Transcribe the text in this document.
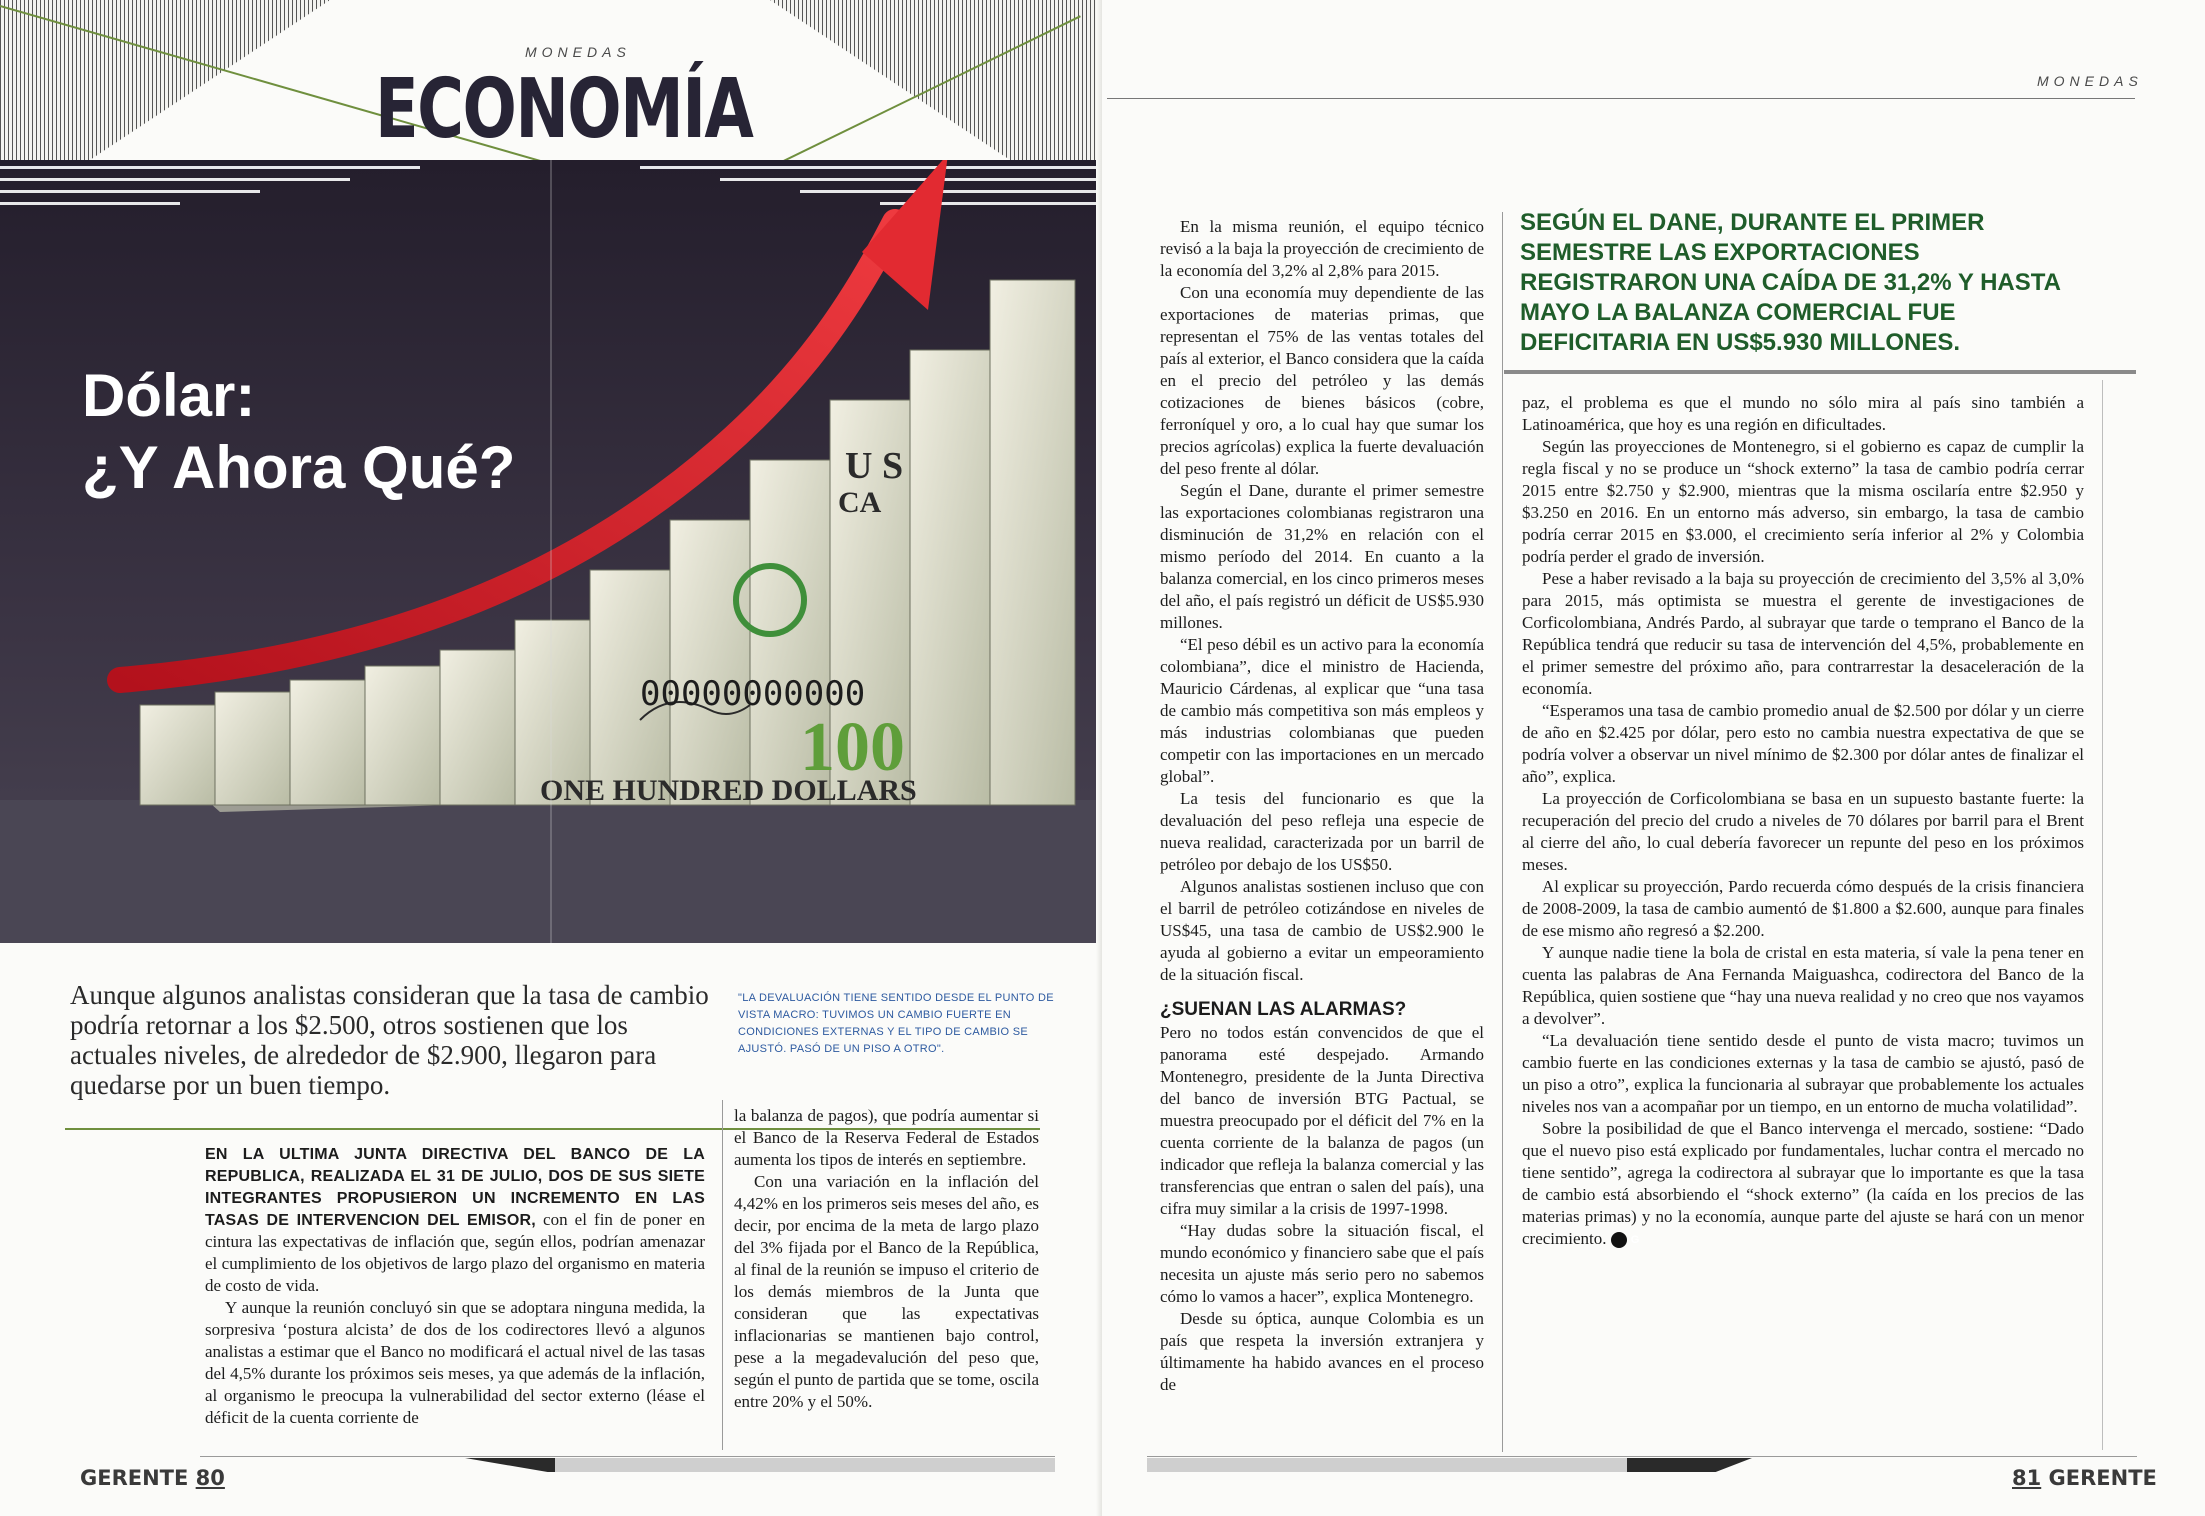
MONEDAS
ECONOMÍA
00000000000
100
ONE HUNDRED DOLLARS
U S
CA
Dólar:
¿Y Ahora Qué?
Aunque algunos analistas consideran que la tasa de cambio podría retornar a los $2.500, otros sostienen que los actuales niveles, de alrededor de $2.900, llegaron para quedarse por un buen tiempo.
"LA DEVALUACIÓN TIENE SENTIDO DESDE EL PUNTO DE VISTA MACRO: TUVIMOS UN CAMBIO FUERTE EN CONDICIONES EXTERNAS Y EL TIPO DE CAMBIO SE AJUSTÓ. PASÓ DE UN PISO A OTRO".

EN LA ULTIMA JUNTA DIRECTIVA DEL BANCO DE LA REPUBLICA, REALIZADA EL 31 DE JULIO, DOS DE SUS SIETE INTEGRANTES PROPUSIERON UN INCREMENTO EN LAS TASAS DE INTERVENCION DEL EMISOR, con el fin de poner en cintura las expectativas de inflación que, según ellos, podrían amenazar el cumplimiento de los objetivos de largo plazo del organismo en materia de costo de vida.

Y aunque la reunión concluyó sin que se adoptara ninguna medida, la sorpresiva ‘postura alcista’ de dos de los codirectores llevó a algunos analistas a estimar que el Banco no modificará el actual nivel de las tasas del 4,5% durante los próximos seis meses, ya que además de la inflación, al organismo le preocupa la vulnerabilidad del sector externo (léase el déficit de la cuenta corriente de

la balanza de pagos), que podría aumentar si el Banco de la Reserva Federal de Estados aumenta los tipos de interés en septiembre.

Con una variación en la inflación del 4,42% en los primeros seis meses del año, es decir, por encima de la meta de largo plazo del 3% fijada por el Banco de la República, al final de la reunión se impuso el criterio de los demás miembros de la Junta que consideran que las expectativas inflacionarias se mantienen bajo control, pese a la megadevalución del peso que, según el punto de partida que se tome, oscila entre 20% y el 50%.

GERENTE 80
MONEDAS

En la misma reunión, el equipo técnico revisó a la baja la proyección de crecimiento de la economía del 3,2% al 2,8% para 2015.

Con una economía muy dependiente de las exportaciones de materias primas, que representan el 75% de las ventas totales del país al exterior, el Banco considera que la caída en el precio del petróleo y las demás cotizaciones de bienes básicos (cobre, ferroníquel y oro, a lo cual hay que sumar los precios agrícolas) explica la fuerte devaluación del peso frente al dólar.

Según el Dane, durante el primer semestre las exportaciones colombianas registraron una disminución de 31,2% en relación con el mismo período del 2014. En cuanto a la balanza comercial, en los cinco primeros meses del año, el país registró un déficit de US$5.930 millones.

“El peso débil es un activo para la economía colombiana”, dice el ministro de Hacienda, Mauricio Cárdenas, al explicar que “una tasa de cambio más competitiva son más empleos y más industrias colombianas que pueden competir con las importaciones en un mercado global”.

La tesis del funcionario es que la devaluación del peso refleja una especie de nueva realidad, caracterizada por un barril de petróleo por debajo de los US$50.

Algunos analistas sostienen incluso que con el barril de petróleo cotizándose en niveles de US$45, una tasa de cambio de US$2.900 le ayuda al gobierno a evitar un empeoramiento de la situación fiscal.

¿SUENAN LAS ALARMAS?

Pero no todos están convencidos de que el panorama esté despejado. Armando Montenegro, presidente de la Junta Directiva del banco de inversión BTG Pactual, se muestra preocupado por el déficit del 7% en la cuenta corriente de la balanza de pagos (un indicador que refleja la balanza comercial y las transferencias que entran o salen del país), una cifra muy similar a la crisis de 1997-1998.

“Hay dudas sobre la situación fiscal, el mundo económico y financiero sabe que el país necesita un ajuste más serio pero no sabemos cómo lo vamos a hacer”, explica Montenegro.

Desde su óptica, aunque Colombia es un país que respeta la inversión extranjera y últimamente ha habido avances en el proceso de

SEGÚN EL DANE, DURANTE EL PRIMER SEMESTRE LAS EXPORTACIONES REGISTRARON UNA CAÍDA DE 31,2% Y HASTA MAYO LA BALANZA COMERCIAL FUE DEFICITARIA EN US$5.930 MILLONES.

paz, el problema es que el mundo no sólo mira al país sino también a Latinoamérica, que hoy es una región en dificultades.

Según las proyecciones de Montenegro, si el gobierno es capaz de cumplir la regla fiscal y no se produce un “shock externo” la tasa de cambio podría cerrar 2015 entre $2.750 y $2.900, mientras que la misma oscilaría entre $2.950 y $3.250 en 2016. En un entorno más adverso, sin embargo, la tasa de cambio podría cerrar 2015 en $3.000, el crecimiento sería inferior al 2% y Colombia podría perder el grado de inversión.

Pese a haber revisado a la baja su proyección de crecimiento del 3,5% al 3,0% para 2015, más optimista se muestra el gerente de investigaciones de Corficolombiana, Andrés Pardo, al subrayar que tarde o temprano el Banco de la República tendrá que reducir su tasa de intervención del 4,5%, probablemente en el primer semestre del próximo año, para contrarrestar la desaceleración de la economía.

“Esperamos una tasa de cambio promedio anual de $2.500 por dólar y un cierre de año en $2.425 por dólar, pero esto no cambia nuestra expectativa de que se podría volver a observar un nivel mínimo de $2.300 por dólar antes de finalizar el año”, explica.

La proyección de Corficolombiana se basa en un supuesto bastante fuerte: la recuperación del precio del crudo a niveles de 70 dólares por barril para el Brent al cierre del año, lo cual debería favorecer un repunte del peso en los próximos meses.

Al explicar su proyección, Pardo recuerda cómo después de la crisis financiera de 2008-2009, la tasa de cambio aumentó de $1.800 a $2.600, aunque para finales de ese mismo año regresó a $2.200.

Y aunque nadie tiene la bola de cristal en esta materia, sí vale la pena tener en cuenta las palabras de Ana Fernanda Maiguashca, codirectora del Banco de la República, quien sostiene que “hay una nueva realidad y no creo que nos vayamos a devolver”.

“La devaluación tiene sentido desde el punto de vista macro; tuvimos un cambio fuerte en las condiciones externas y la tasa de cambio se ajustó, pasó de un piso a otro”, explica la funcionaria al subrayar que probablemente los actuales niveles nos van a acompañar por un tiempo, en un entorno de mucha volatilidad”.

Sobre la posibilidad de que el Banco intervenga el mercado, sostiene: “Dado que el nuevo piso está explicado por fundamentales, luchar contra el mercado no tiene sentido”, agrega la codirectora al subrayar que lo importante es que la tasa de cambio está absorbiendo el “shock externo” (la caída en los precios de las materias primas) y no la economía, aunque parte del ajuste se hará con un menor crecimiento. G

81 GERENTE
